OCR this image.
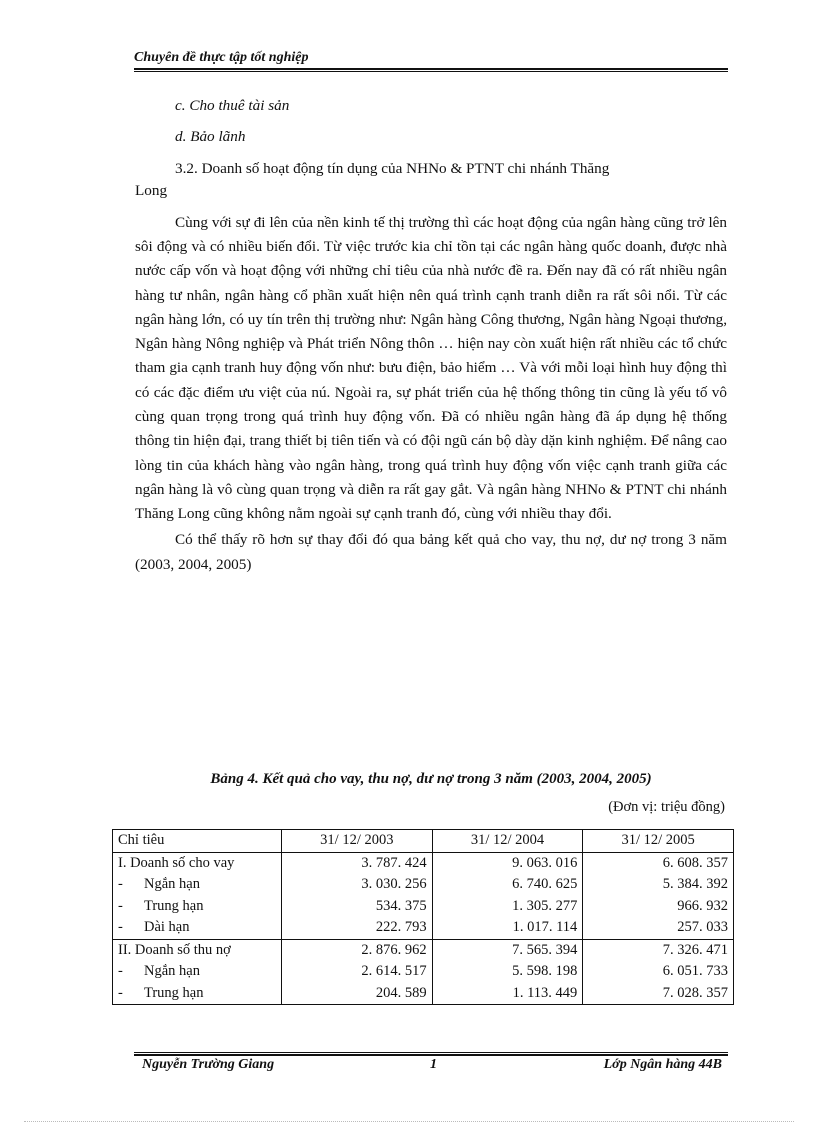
Chuyên đề thực tập tốt nghiệp

c. Cho thuê tài sản

d. Bảo lãnh

3.2. Doanh số hoạt động tín dụng của NHNo & PTNT chi nhánh Thăng

Long

Cùng với sự đi lên của nền kinh tế thị trường thì các hoạt động của ngân hàng cũng trở lên sôi động và có nhiều biến đổi. Từ việc trước kia chỉ tồn tại các ngân hàng quốc doanh, được nhà nước cấp vốn và hoạt động với những chỉ tiêu của nhà nước đề ra. Đến nay đã có rất nhiều ngân hàng tư nhân, ngân hàng cổ phần xuất hiện nên quá trình cạnh tranh diễn ra rất sôi nổi. Từ các ngân hàng lớn, có uy tín trên thị trường như: Ngân hàng Công thương, Ngân hàng Ngoại thương, Ngân hàng Nông nghiệp và Phát triển Nông thôn … hiện nay còn xuất hiện rất nhiều các tổ chức tham gia cạnh tranh huy động vốn như: bưu điện, bảo hiểm … Và với mỗi loại hình huy động thì có các đặc điểm ưu việt của nú. Ngoài ra, sự phát triển của hệ thống thông tin cũng là yếu tố vô cùng quan trọng trong quá trình huy động vốn. Đã có nhiều ngân hàng đã áp dụng hệ thống thông tin hiện đại, trang thiết bị tiên tiến và có đội ngũ cán bộ dày dặn kinh nghiệm. Để nâng cao lòng tin của khách hàng vào ngân hàng, trong quá trình huy động vốn việc cạnh tranh giữa các ngân hàng là vô cùng quan trọng và diễn ra rất gay gắt. Và ngân hàng NHNo & PTNT chi nhánh Thăng Long cũng không nằm ngoài sự cạnh tranh đó, cùng với nhiều thay đổi.

Có thể thấy rõ hơn sự thay đổi đó qua bảng kết quả cho vay, thu nợ, dư nợ trong 3 năm (2003, 2004, 2005)

Bảng 4. Kết quả cho vay, thu nợ, dư nợ trong 3 năm (2003, 2004, 2005)
(Đơn vị: triệu đồng)
Chỉ tiêu	31/ 12/ 2003	31/ 12/ 2004	31/ 12/ 2005
I. Doanh số cho vay	3. 787. 424	9. 063. 016	6. 608. 357
- Ngắn hạn	3. 030. 256	6. 740. 625	5. 384. 392
- Trung hạn	534. 375	1. 305. 277	966. 932
- Dài hạn	222. 793	1. 017. 114	257. 033
II. Doanh số thu nợ	2. 876. 962	7. 565. 394	7. 326. 471
- Ngắn hạn	2. 614. 517	5. 598. 198	6. 051. 733
- Trung hạn	204. 589	1. 113. 449	7. 028. 357
Nguyễn Trường Giang	1	Lớp Ngân hàng 44B
